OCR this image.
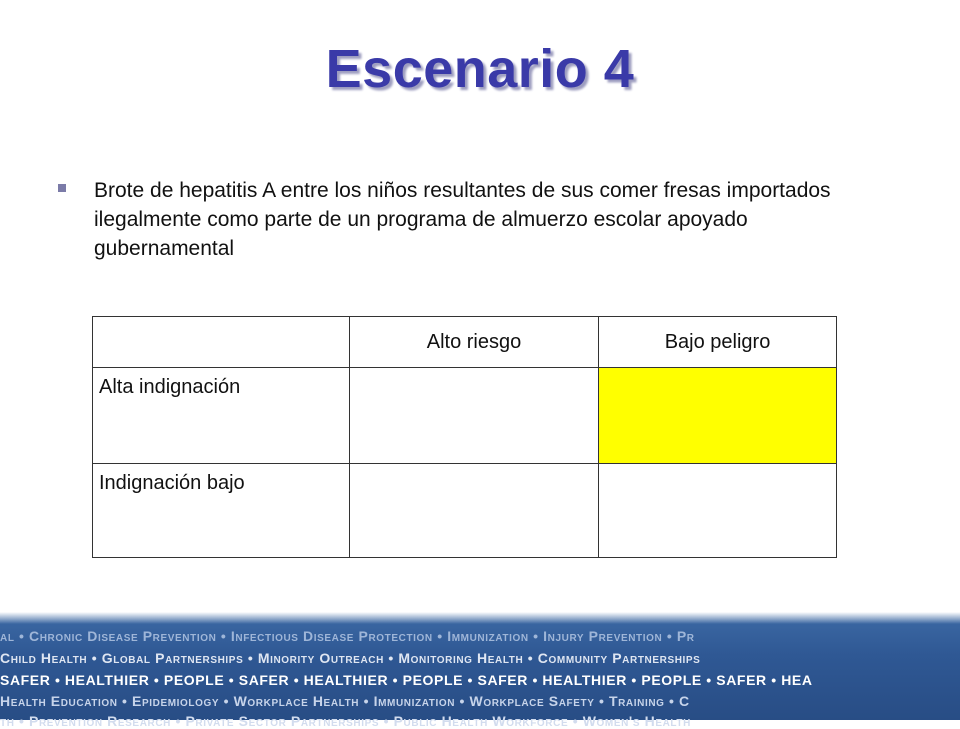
Escenario 4
Brote de hepatitis A entre los niños resultantes de sus comer fresas importados ilegalmente como parte de un programa de almuerzo escolar apoyado gubernamental
	Alto riesgo	Bajo peligro
Alta indignación		
Indignación bajo		
al • Chronic Disease Prevention • Infectious Disease Protection • Immunization • Injury Prevention • Pr
Child Health • Global Partnerships • Minority Outreach • Monitoring Health • Community Partnerships
SAFER • HEALTHIER • PEOPLE • SAFER • HEALTHIER • PEOPLE • SAFER • HEALTHIER • PEOPLE • SAFER • HEA
Health Education • Epidemiology • Workplace Health • Immunization • Workplace Safety • Training • C
th • Prevention Research • Private Sector Partnerships • Public Health Workforce • Women's Health
